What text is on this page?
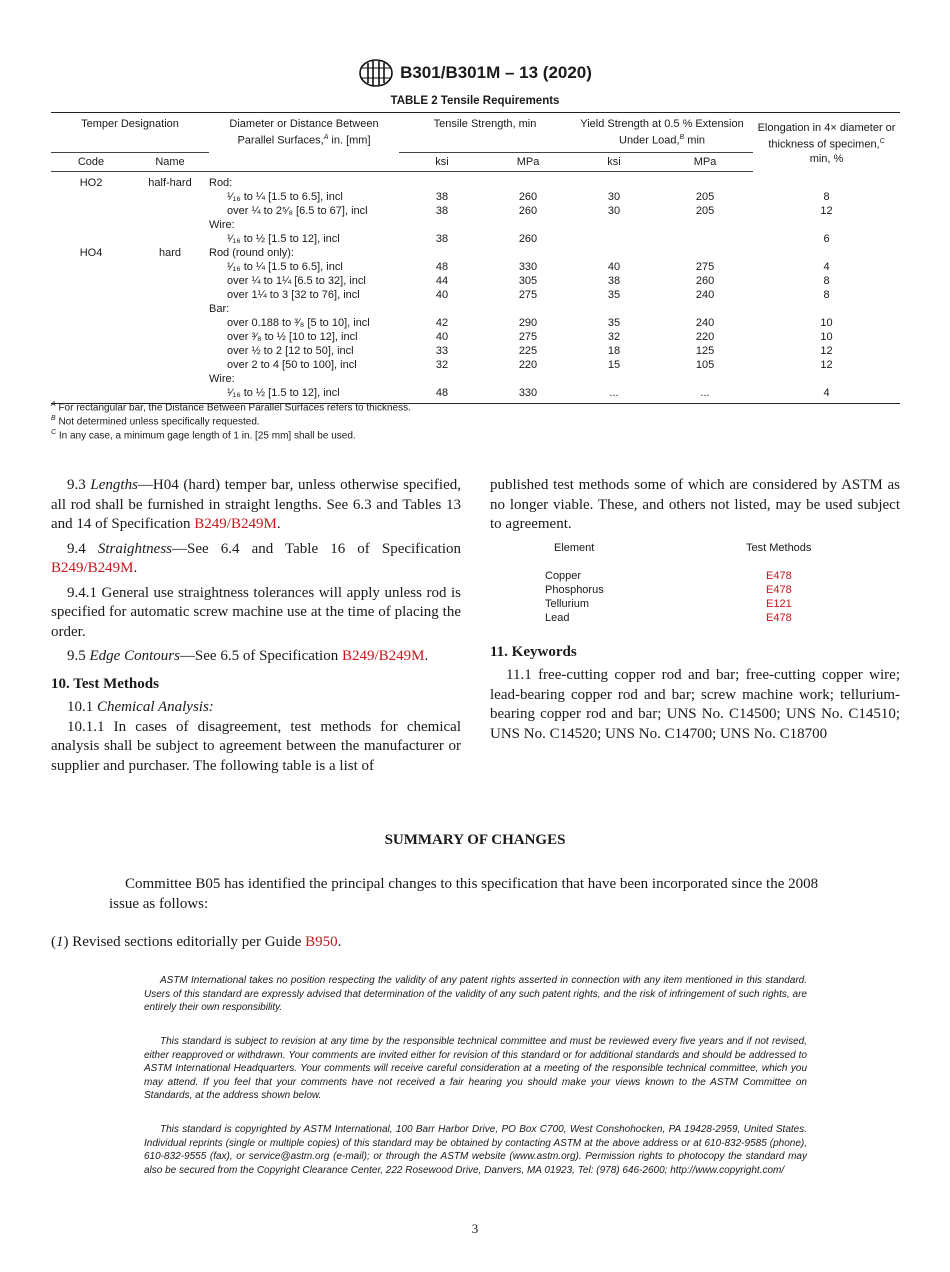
B301/B301M – 13 (2020)
TABLE 2 Tensile Requirements
Temper Designation		Diameter or Distance Between
Parallel Surfaces,$^A$ in. [mm]	Tensile Strength, min		Yield Strength at 0.5 % Extension
Under Load,$^B$ min		Elongation in 4× diameter or
thickness of specimen,$^C$
min, %

Code	Name		ksi	MPa	ksi	MPa	
HO2	half-hard	Rod:					
		¹⁄₁₆ to ¼ [1.5 to 6.5], incl	38	260	30	205	8
		over ¼ to 2⁵⁄₈ [6.5 to 67], incl	38	260	30	205	12
		Wire:					
		¹⁄₁₆ to ½ [1.5 to 12], incl	38	260			6
HO4	hard	Rod (round only):					
		¹⁄₁₆ to ¼ [1.5 to 6.5], incl	48	330	40	275	4
		over ¼ to 1¼ [6.5 to 32], incl	44	305	38	260	8
		over 1¼ to 3 [32 to 76], incl	40	275	35	240	8
		Bar:					
		over 0.188 to ³⁄₈ [5 to 10], incl	42	290	35	240	10
		over ³⁄₈ to ½ [10 to 12], incl	40	275	32	220	10
		over ½ to 2 [12 to 50], incl	33	225	18	125	12
		over 2 to 4 [50 to 100], incl	32	220	15	105	12
		Wire:					
		¹⁄₁₆ to ½ [1.5 to 12], incl	48	330	...	...	4
$^A$ For rectangular bar, the Distance Between Parallel Surfaces refers to thickness.
$^B$ Not determined unless specifically requested.
$^C$ In any case, a minimum gage length of 1 in. [25 mm] shall be used.

9.3 Lengths—H04 (hard) temper bar, unless otherwise specified, all rod shall be furnished in straight lengths. See 6.3 and Tables 13 and 14 of Specification B249/B249M.

9.4 Straightness—See 6.4 and Table 16 of Specification B249/B249M.

9.4.1 General use straightness tolerances will apply unless rod is specified for automatic screw machine use at the time of placing the order.

9.5 Edge Contours—See 6.5 of Specification B249/B249M.

10. Test Methods

10.1 Chemical Analysis:

10.1.1 In cases of disagreement, test methods for chemical analysis shall be subject to agreement between the manufacturer or supplier and purchaser. The following table is a list of

published test methods some of which are considered by ASTM as no longer viable. These, and others not listed, may be used subject to agreement.

Element	Test Methods
Copper	E478
Phosphorus	E478
Tellurium	E121
Lead	E478
11. Keywords

11.1 free-cutting copper rod and bar; free-cutting copper wire; lead-bearing copper rod and bar; screw machine work; tellurium-bearing copper rod and bar; UNS No. C14500; UNS No. C14510; UNS No. C14520; UNS No. C14700; UNS No. C18700

SUMMARY OF CHANGES
Committee B05 has identified the principal changes to this specification that have been incorporated since the 2008 issue as follows:
(1) Revised sections editorially per Guide B950.

ASTM International takes no position respecting the validity of any patent rights asserted in connection with any item mentioned in this standard. Users of this standard are expressly advised that determination of the validity of any such patent rights, and the risk of infringement of such rights, are entirely their own responsibility.

This standard is subject to revision at any time by the responsible technical committee and must be reviewed every five years and if not revised, either reapproved or withdrawn. Your comments are invited either for revision of this standard or for additional standards and should be addressed to ASTM International Headquarters. Your comments will receive careful consideration at a meeting of the responsible technical committee, which you may attend. If you feel that your comments have not received a fair hearing you should make your views known to the ASTM Committee on Standards, at the address shown below.

This standard is copyrighted by ASTM International, 100 Barr Harbor Drive, PO Box C700, West Conshohocken, PA 19428-2959, United States. Individual reprints (single or multiple copies) of this standard may be obtained by contacting ASTM at the above address or at 610-832-9585 (phone), 610-832-9555 (fax), or service@astm.org (e-mail); or through the ASTM website (www.astm.org). Permission rights to photocopy the standard may also be secured from the Copyright Clearance Center, 222 Rosewood Drive, Danvers, MA 01923, Tel: (978) 646-2600; http://www.copyright.com/

3
